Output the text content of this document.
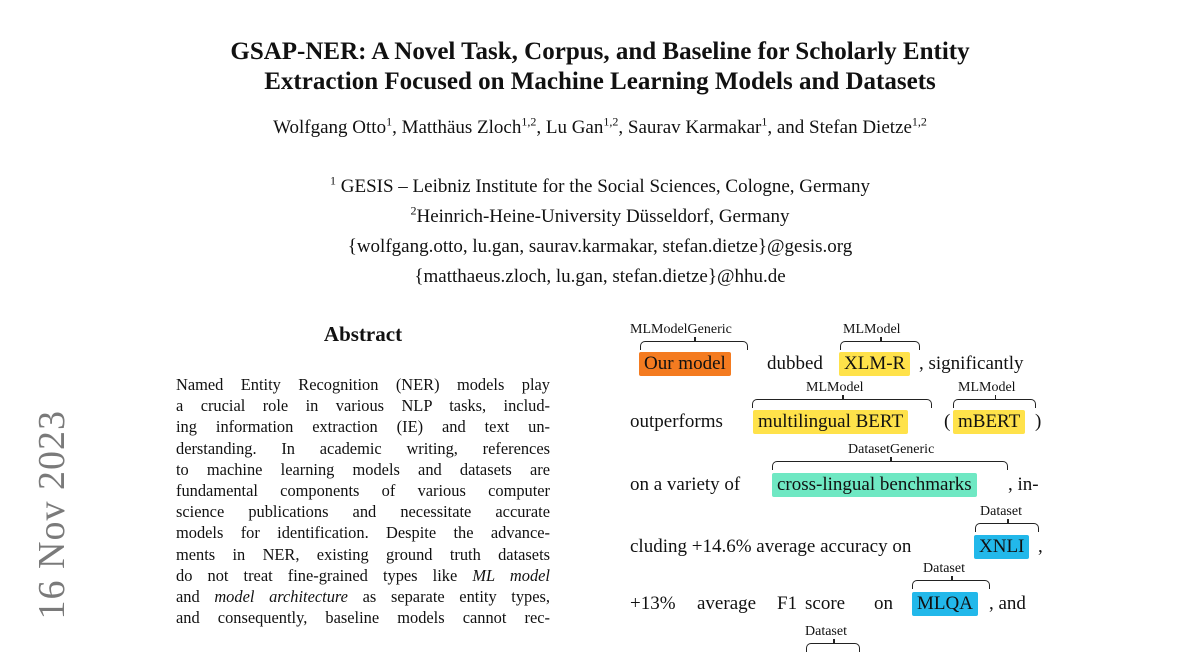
16 Nov 2023
GSAP-NER: A Novel Task, Corpus, and Baseline for Scholarly Entity
Extraction Focused on Machine Learning Models and Datasets
Wolfgang Otto$^1$, Matthäus Zloch$^{1,2}$, Lu Gan$^{1,2}$, Saurav Karmakar$^1$, and Stefan Dietze$^{1,2}$
$^1$ GESIS – Leibniz Institute for the Social Sciences, Cologne, Germany
$^2$Heinrich-Heine-University Düsseldorf, Germany
{wolfgang.otto, lu.gan, saurav.karmakar, stefan.dietze}@gesis.org
{matthaeus.zloch, lu.gan, stefan.dietze}@hhu.de
Abstract
Named Entity Recognition (NER) models play
a crucial role in various NLP tasks, includ-
ing information extraction (IE) and text un-
derstanding. In academic writing, references
to machine learning models and datasets are
fundamental components of various computer
science publications and necessitate accurate
models for identification. Despite the advance-
ments in NER, existing ground truth datasets
do not treat fine-grained types like ML model
and model architecture as separate entity types,
and consequently, baseline models cannot rec-
MLModelGeneric
Our model dubbed
MLModel
XLM-R , significantly
MLModel
outperforms multilingual BERT (
MLModel
mBERT )
DatasetGeneric
on a variety of cross-lingual benchmarks , in-
Dataset
cluding +14.6% average accuracy on	XNLI ,
Dataset
+13% average F1 score on MLQA , and
Dataset
